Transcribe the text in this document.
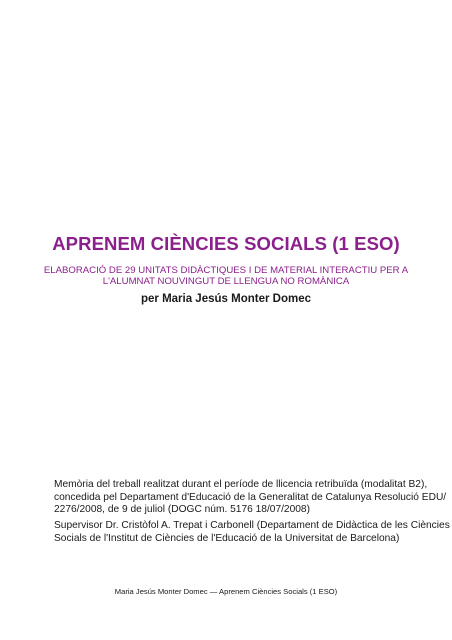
APRENEM CIÈNCIES SOCIALS (1 ESO)
ELABORACIÓ DE 29 UNITATS DIDÀCTIQUES I DE MATERIAL INTERACTIU PER A
L'ALUMNAT NOUVINGUT DE LLENGUA NO ROMÀNICA
per Maria Jesús Monter Domec
Memòria del treball realitzat durant el període de llicencia retribuïda (modalitat B2),
concedida pel Departament d'Educació de la Generalitat de Catalunya Resolució EDU/
2276/2008, de 9 de juliol (DOGC núm. 5176 18/07/2008)
Supervisor Dr. Cristòfol A. Trepat i Carbonell (Departament de Didàctica de les Ciències
Socials de l'Institut de Ciències de l'Educació de la Universitat de Barcelona)
Maria Jesús Monter Domec — Aprenem Ciències Socials (1 ESO)
